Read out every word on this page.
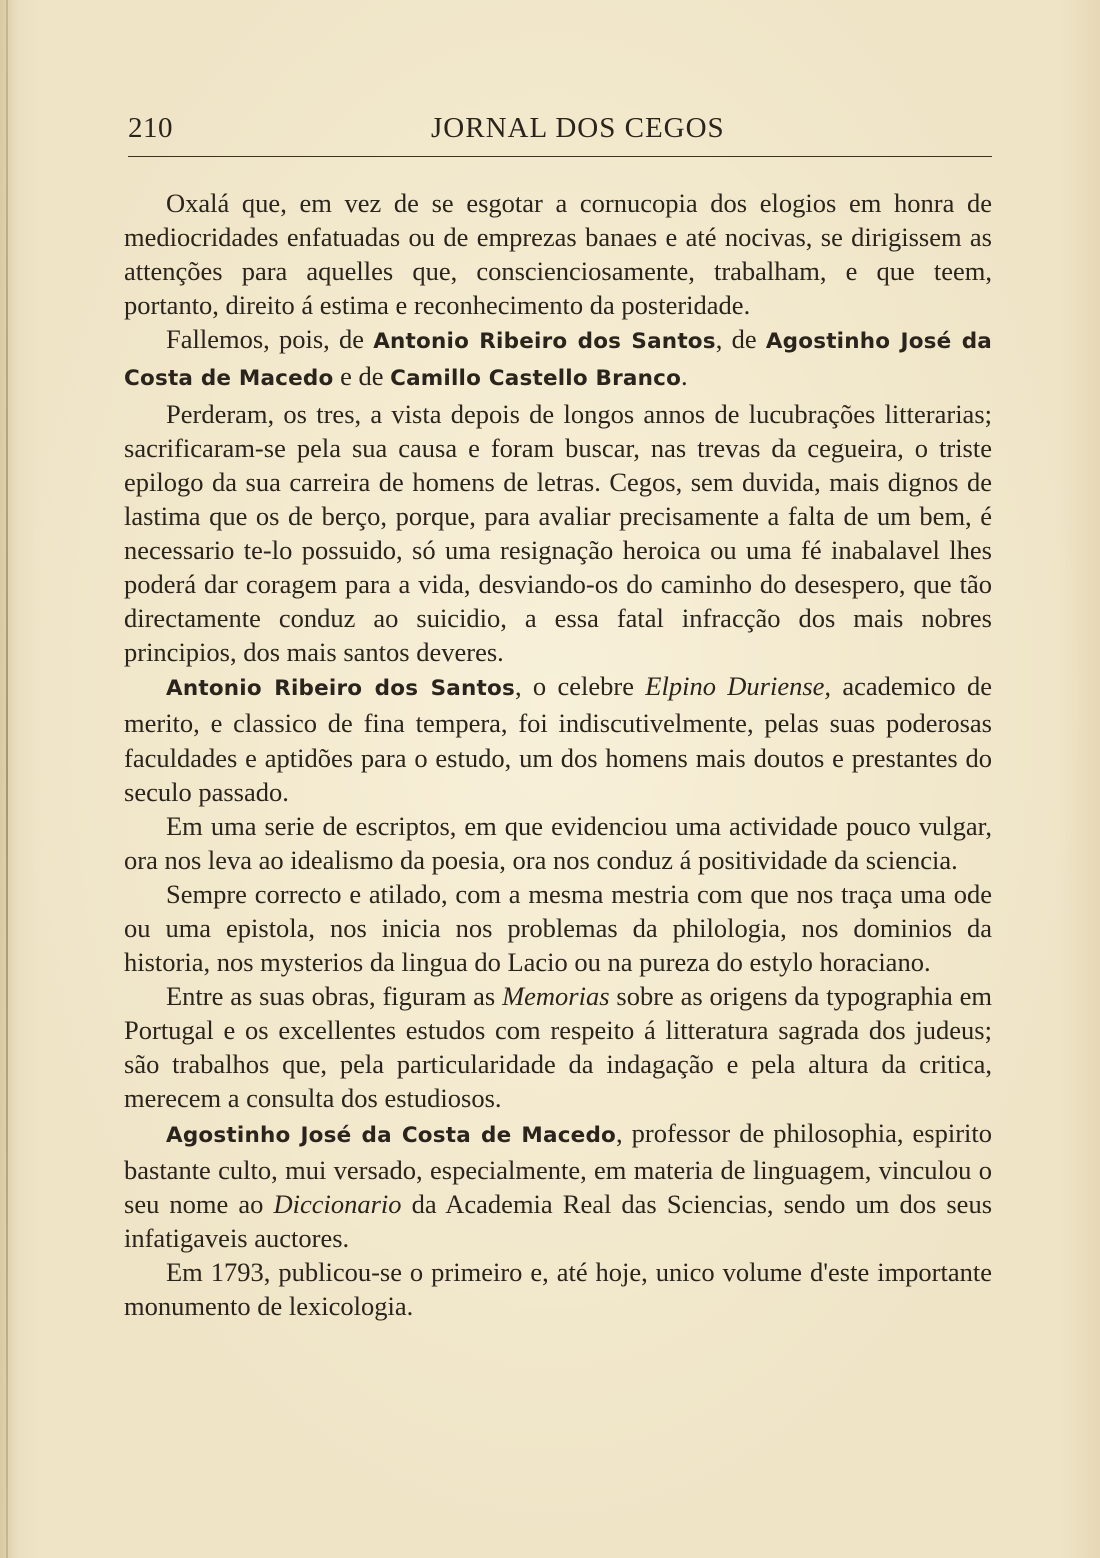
210	JORNAL DOS CEGOS

Oxalá que, em vez de se esgotar a cornucopia dos elogios em honra de mediocridades enfatuadas ou de emprezas banaes e até nocivas, se dirigissem as attenções para aquelles que, conscienciosamente, trabalham, e que teem, portanto, direito á estima e reconhecimento da posteridade.

Fallemos, pois, de Antonio Ribeiro dos Santos, de Agostinho José da Costa de Macedo e de Camillo Castello Branco.

Perderam, os tres, a vista depois de longos annos de lucubrações litterarias; sacrificaram-se pela sua causa e foram buscar, nas trevas da cegueira, o triste epilogo da sua carreira de homens de letras. Cegos, sem duvida, mais dignos de lastima que os de berço, porque, para avaliar precisamente a falta de um bem, é necessario te-lo possuido, só uma resignação heroica ou uma fé inabalavel lhes poderá dar coragem para a vida, desviando-os do caminho do desespero, que tão directamente conduz ao suicidio, a essa fatal infracção dos mais nobres principios, dos mais santos deveres.

Antonio Ribeiro dos Santos, o celebre Elpino Duriense, academico de merito, e classico de fina tempera, foi indiscutivelmente, pelas suas poderosas faculdades e aptidões para o estudo, um dos homens mais doutos e prestantes do seculo passado.

Em uma serie de escriptos, em que evidenciou uma actividade pouco vulgar, ora nos leva ao idealismo da poesia, ora nos conduz á positividade da sciencia.

Sempre correcto e atilado, com a mesma mestria com que nos traça uma ode ou uma epistola, nos inicia nos problemas da philologia, nos dominios da historia, nos mysterios da lingua do Lacio ou na pureza do estylo horaciano.

Entre as suas obras, figuram as Memorias sobre as origens da typographia em Portugal e os excellentes estudos com respeito á litteratura sagrada dos judeus; são trabalhos que, pela particularidade da indagação e pela altura da critica, merecem a consulta dos estudiosos.

Agostinho José da Costa de Macedo, professor de philosophia, espirito bastante culto, mui versado, especialmente, em materia de linguagem, vinculou o seu nome ao Diccionario da Academia Real das Sciencias, sendo um dos seus infatigaveis auctores.

Em 1793, publicou-se o primeiro e, até hoje, unico volume d'este importante monumento de lexicologia.
